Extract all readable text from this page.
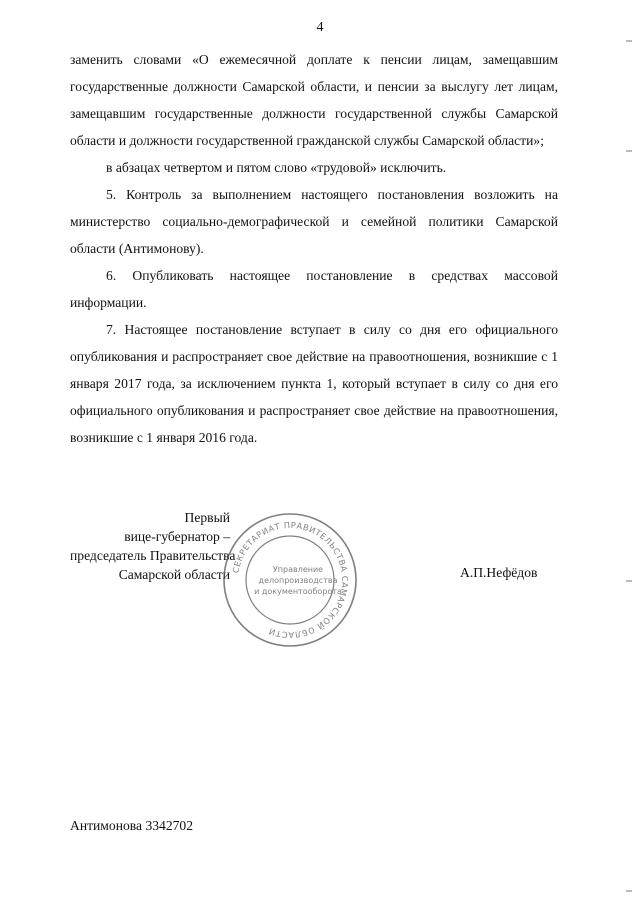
4

заменить словами «О ежемесячной доплате к пенсии лицам, замещавшим государственные должности Самарской области, и пенсии за выслугу лет лицам, замещавшим государственные должности государственной службы Самарской области и должности государственной гражданской службы Самарской области»;

в абзацах четвертом и пятом слово «трудовой» исключить.

5. Контроль за выполнением настоящего постановления возложить на министерство социально-демографической и семейной политики Самарской области (Антимонову).

6. Опубликовать настоящее постановление в средствах массовой информации.

7. Настоящее постановление вступает в силу со дня его официального опубликования и распространяет свое действие на правоотношения, возникшие с 1 января 2017 года, за исключением пункта 1, который вступает в силу со дня его официального опубликования и распространяет свое действие на правоотношения, возникшие с 1 января 2016 года.

Первый
вице-губернатор –
председатель Правительства
Самарской области СЕКРЕТАРИАТ ПРАВИТЕЛЬСТВА САМАРСКОЙ ОБЛАСТИ
Управление
делопроизводства
и документооборота
А.П.Нефёдов
Антимонова 3342702
